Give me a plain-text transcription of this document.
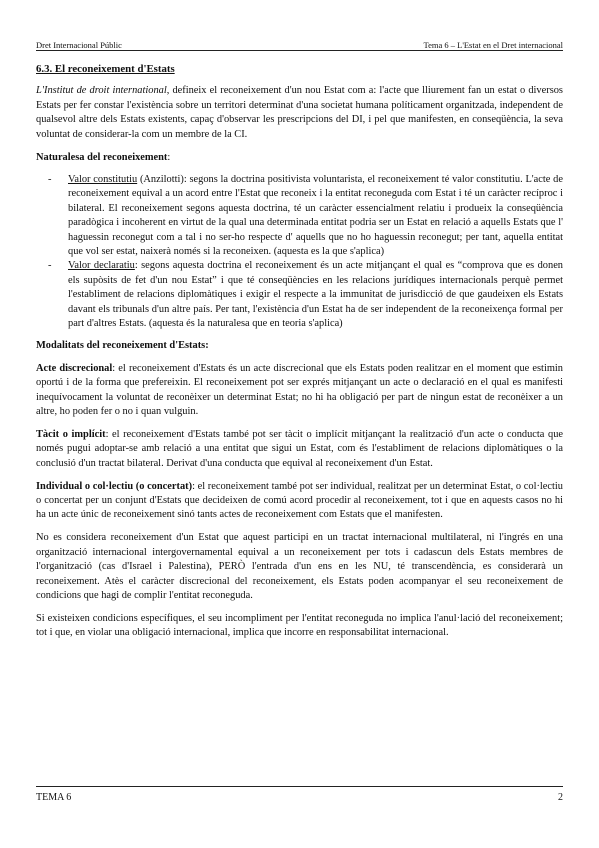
Dret Internacional Públic	Tema 6 – L'Estat en el Dret internacional
6.3. El reconeixement d'Estats

L'Institut de droit international, defineix el reconeixement d'un nou Estat com a: l'acte que lliurement fan un estat o diversos Estats per fer constar l'existència sobre un territori determinat d'una societat humana políticament organitzada, independent de qualsevol altre dels Estats existents, capaç d'observar les prescripcions del DI, i pel que manifesten, en conseqüència, la seva voluntat de considerar-la com un membre de la CI.

Naturalesa del reconeixement:
- Valor constitutiu (Anzilotti): segons la doctrina positivista voluntarista, el reconeixement té valor constitutiu. L'acte de reconeixement equival a un acord entre l'Estat que reconeix i la entitat reconeguda com Estat i té un caràcter recíproc i bilateral. El reconeixement segons aquesta doctrina, té un caràcter essencialment relatiu i produeix la conseqüència paradògica i incoherent en virtut de la qual una determinada entitat podria ser un Estat en relació a aquells Estats que l' haguessin reconegut com a tal i no ser-ho respecte d' aquells que no ho haguessin reconegut; per tant, aquella entitat que vol ser estat, naixerà només si la reconeixen. (aquesta es la que s'aplica)
- Valor declaratiu: segons aquesta doctrina el reconeixement és un acte mitjançant el qual es “comprova que es donen els supòsits de fet d'un nou Estat” i que té conseqüències en les relacions jurídiques internacionals perquè permet l'establiment de relacions diplomàtiques i exigir el respecte a la immunitat de jurisdicció de que gaudeixen els Estats davant els tribunals d'un altre país. Per tant, l'existència d'un Estat ha de ser independent de la reconeixença formal per part d'altres Estats. (aquesta és la naturalesa que en teoria s'aplica)
Modalitats del reconeixement d'Estats:

Acte discrecional: el reconeixement d'Estats és un acte discrecional que els Estats poden realitzar en el moment que estimin oportú i de la forma que prefereixin. El reconeixement pot ser exprés mitjançant un acte o declaració en el qual es manifesti inequívocament la voluntat de reconèixer un determinat Estat; no hi ha obligació per part de ningun estat de reconèixer a un altre, ho poden fer o no i quan vulguin.

Tàcit o implícit: el reconeixement d'Estats també pot ser tàcit o implícit mitjançant la realització d'un acte o conducta que només pugui adoptar-se amb relació a una entitat que sigui un Estat, com és l'establiment de relacions diplomàtiques o la conclusió d'un tractat bilateral. Derivat d'una conducta que equival al reconeixement d'un Estat.

Individual o col·lectiu (o concertat): el reconeixement també pot ser individual, realitzat per un determinat Estat, o col·lectiu o concertat per un conjunt d'Estats que decideixen de comú acord procedir al reconeixement, tot i que en aquests casos no hi ha un acte únic de reconeixement sinó tants actes de reconeixement com Estats que el manifesten.

No es considera reconeixement d'un Estat que aquest participi en un tractat internacional multilateral, ni l'ingrés en una organització internacional intergovernamental equival a un reconeixement per tots i cadascun dels Estats membres de l'organització (cas d'Israel i Palestina), PERÒ l'entrada d'un ens en les NU, té transcendència, es considerarà un reconeixement. Atès el caràcter discrecional del reconeixement, els Estats poden acompanyar el seu reconeixement de condicions que hagi de complir l'entitat reconeguda.

Si existeixen condicions específiques, el seu incompliment per l'entitat reconeguda no implica l'anul·lació del reconeixement; tot i que, en violar una obligació internacional, implica que incorre en responsabilitat internacional.

TEMA 6	2
